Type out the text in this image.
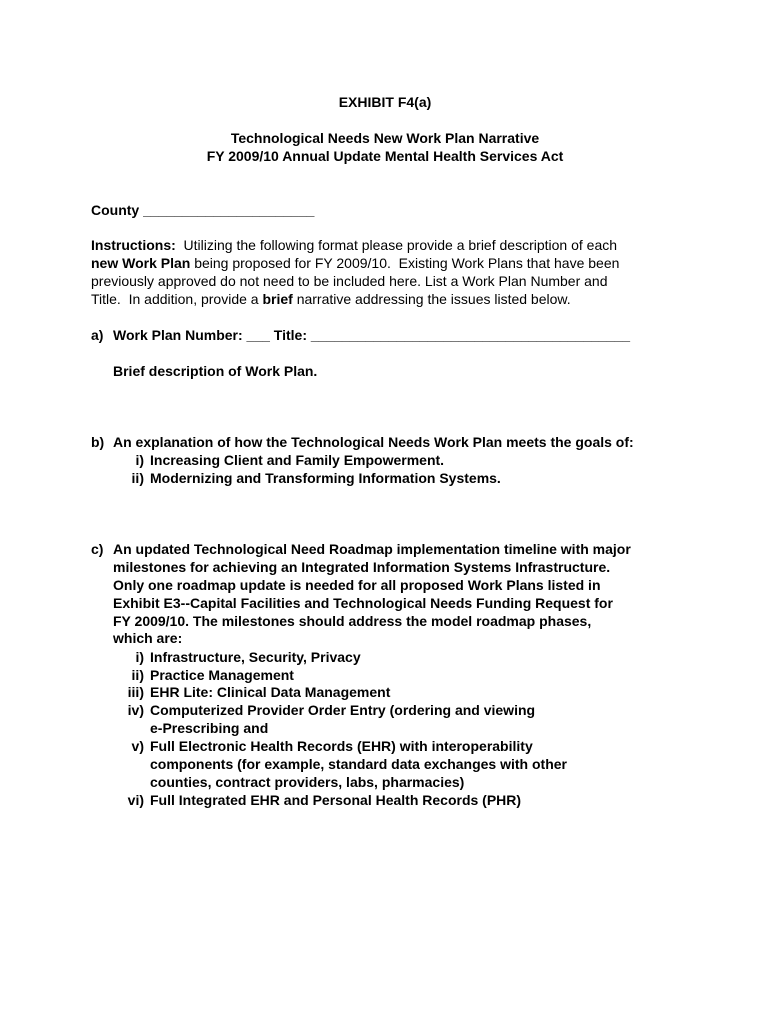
EXHIBIT F4(a)
Technological Needs New Work Plan Narrative
FY 2009/10 Annual Update Mental Health Services Act
County ______________________
Instructions:  Utilizing the following format please provide a brief description of each
new Work Plan being proposed for FY 2009/10.  Existing Work Plans that have been
previously approved do not need to be included here. List a Work Plan Number and
Title.  In addition, provide a brief narrative addressing the issues listed below.
a) Work Plan Number: ___ Title: _________________________________________
Brief description of Work Plan.
b) An explanation of how the Technological Needs Work Plan meets the goals of:
i) Increasing Client and Family Empowerment.
ii) Modernizing and Transforming Information Systems.
c) An updated Technological Need Roadmap implementation timeline with major
milestones for achieving an Integrated Information Systems Infrastructure.
Only one roadmap update is needed for all proposed Work Plans listed in
Exhibit E3--Capital Facilities and Technological Needs Funding Request for
FY 2009/10. The milestones should address the model roadmap phases,
which are:
i) Infrastructure, Security, Privacy
ii) Practice Management
iii) EHR Lite: Clinical Data Management
iv) Computerized Provider Order Entry (ordering and viewing
e-Prescribing and
v) Full Electronic Health Records (EHR) with interoperability
components (for example, standard data exchanges with other
counties, contract providers, labs, pharmacies)
vi) Full Integrated EHR and Personal Health Records (PHR)
